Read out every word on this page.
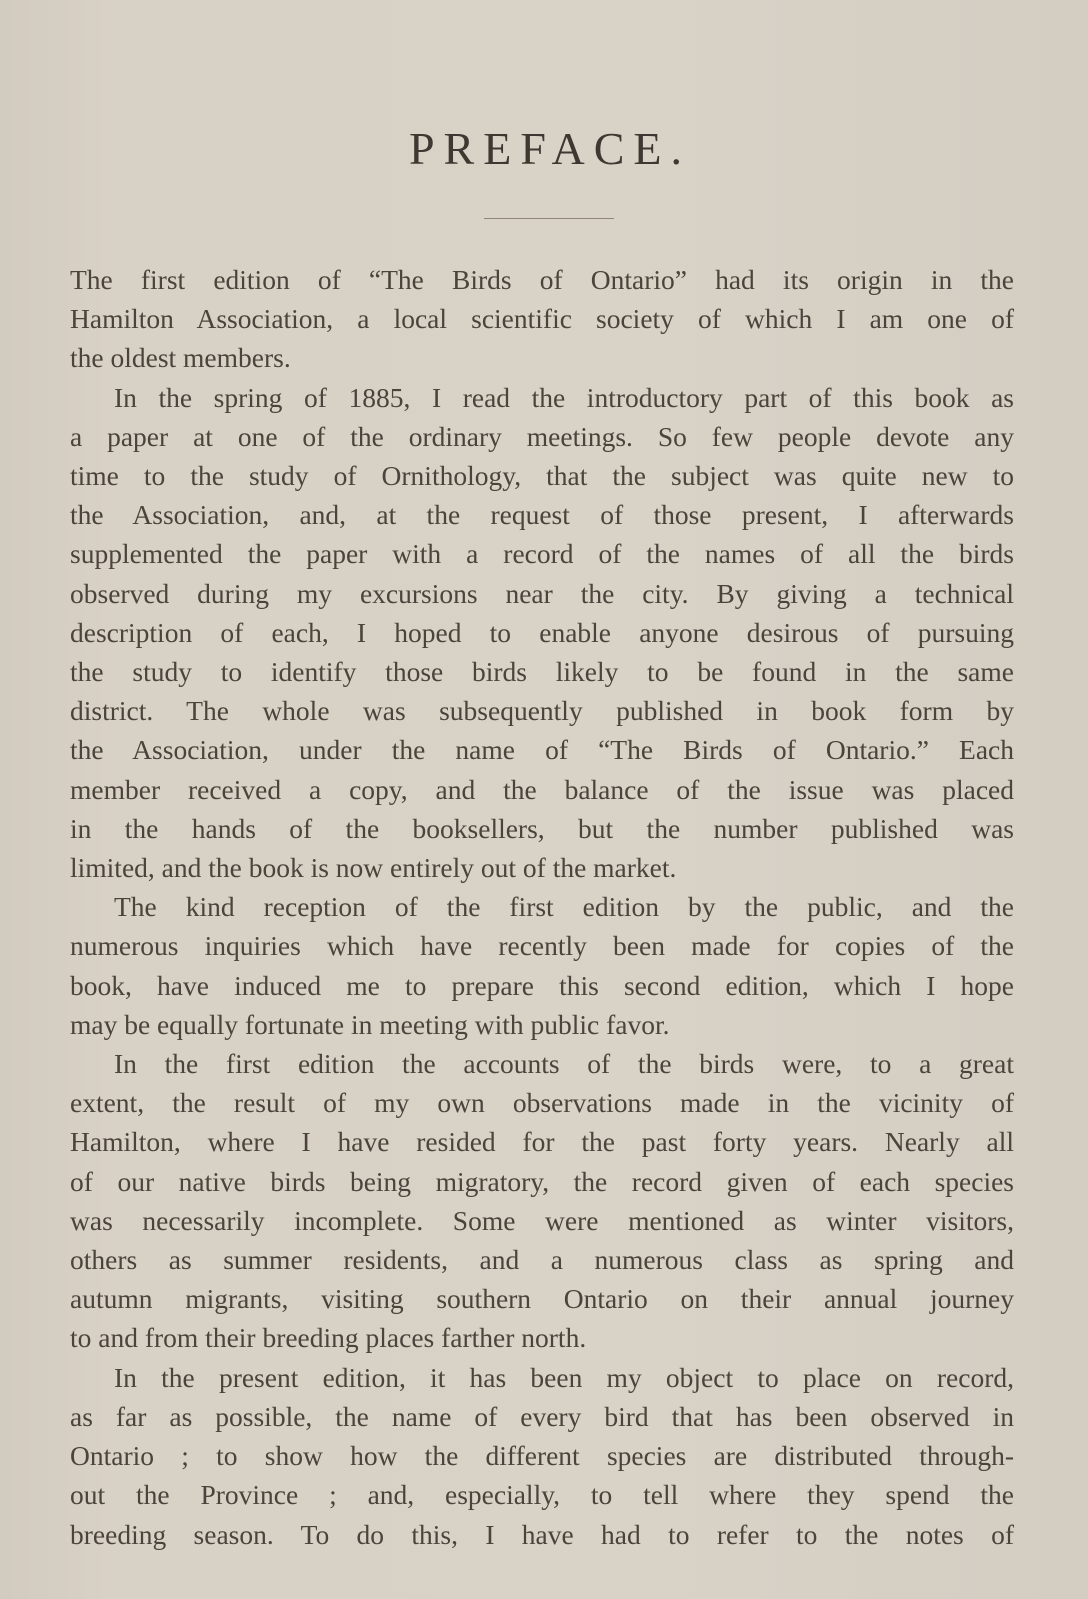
PREFACE.
The first edition of “The Birds of Ontario” had its origin in the
Hamilton Association, a local scientific society of which I am one of
the oldest members.
In the spring of 1885, I read the introductory part of this book as
a paper at one of the ordinary meetings. So few people devote any
time to the study of Ornithology, that the subject was quite new to
the Association, and, at the request of those present, I afterwards
supplemented the paper with a record of the names of all the birds
observed during my excursions near the city. By giving a technical
description of each, I hoped to enable anyone desirous of pursuing
the study to identify those birds likely to be found in the same
district. The whole was subsequently published in book form by
the Association, under the name of “The Birds of Ontario.” Each
member received a copy, and the balance of the issue was placed
in the hands of the booksellers, but the number published was
limited, and the book is now entirely out of the market.
The kind reception of the first edition by the public, and the
numerous inquiries which have recently been made for copies of the
book, have induced me to prepare this second edition, which I hope
may be equally fortunate in meeting with public favor.
In the first edition the accounts of the birds were, to a great
extent, the result of my own observations made in the vicinity of
Hamilton, where I have resided for the past forty years. Nearly all
of our native birds being migratory, the record given of each species
was necessarily incomplete. Some were mentioned as winter visitors,
others as summer residents, and a numerous class as spring and
autumn migrants, visiting southern Ontario on their annual journey
to and from their breeding places farther north.
In the present edition, it has been my object to place on record,
as far as possible, the name of every bird that has been observed in
Ontario ; to show how the different species are distributed through-
out the Province ; and, especially, to tell where they spend the
breeding season. To do this, I have had to refer to the notes of
